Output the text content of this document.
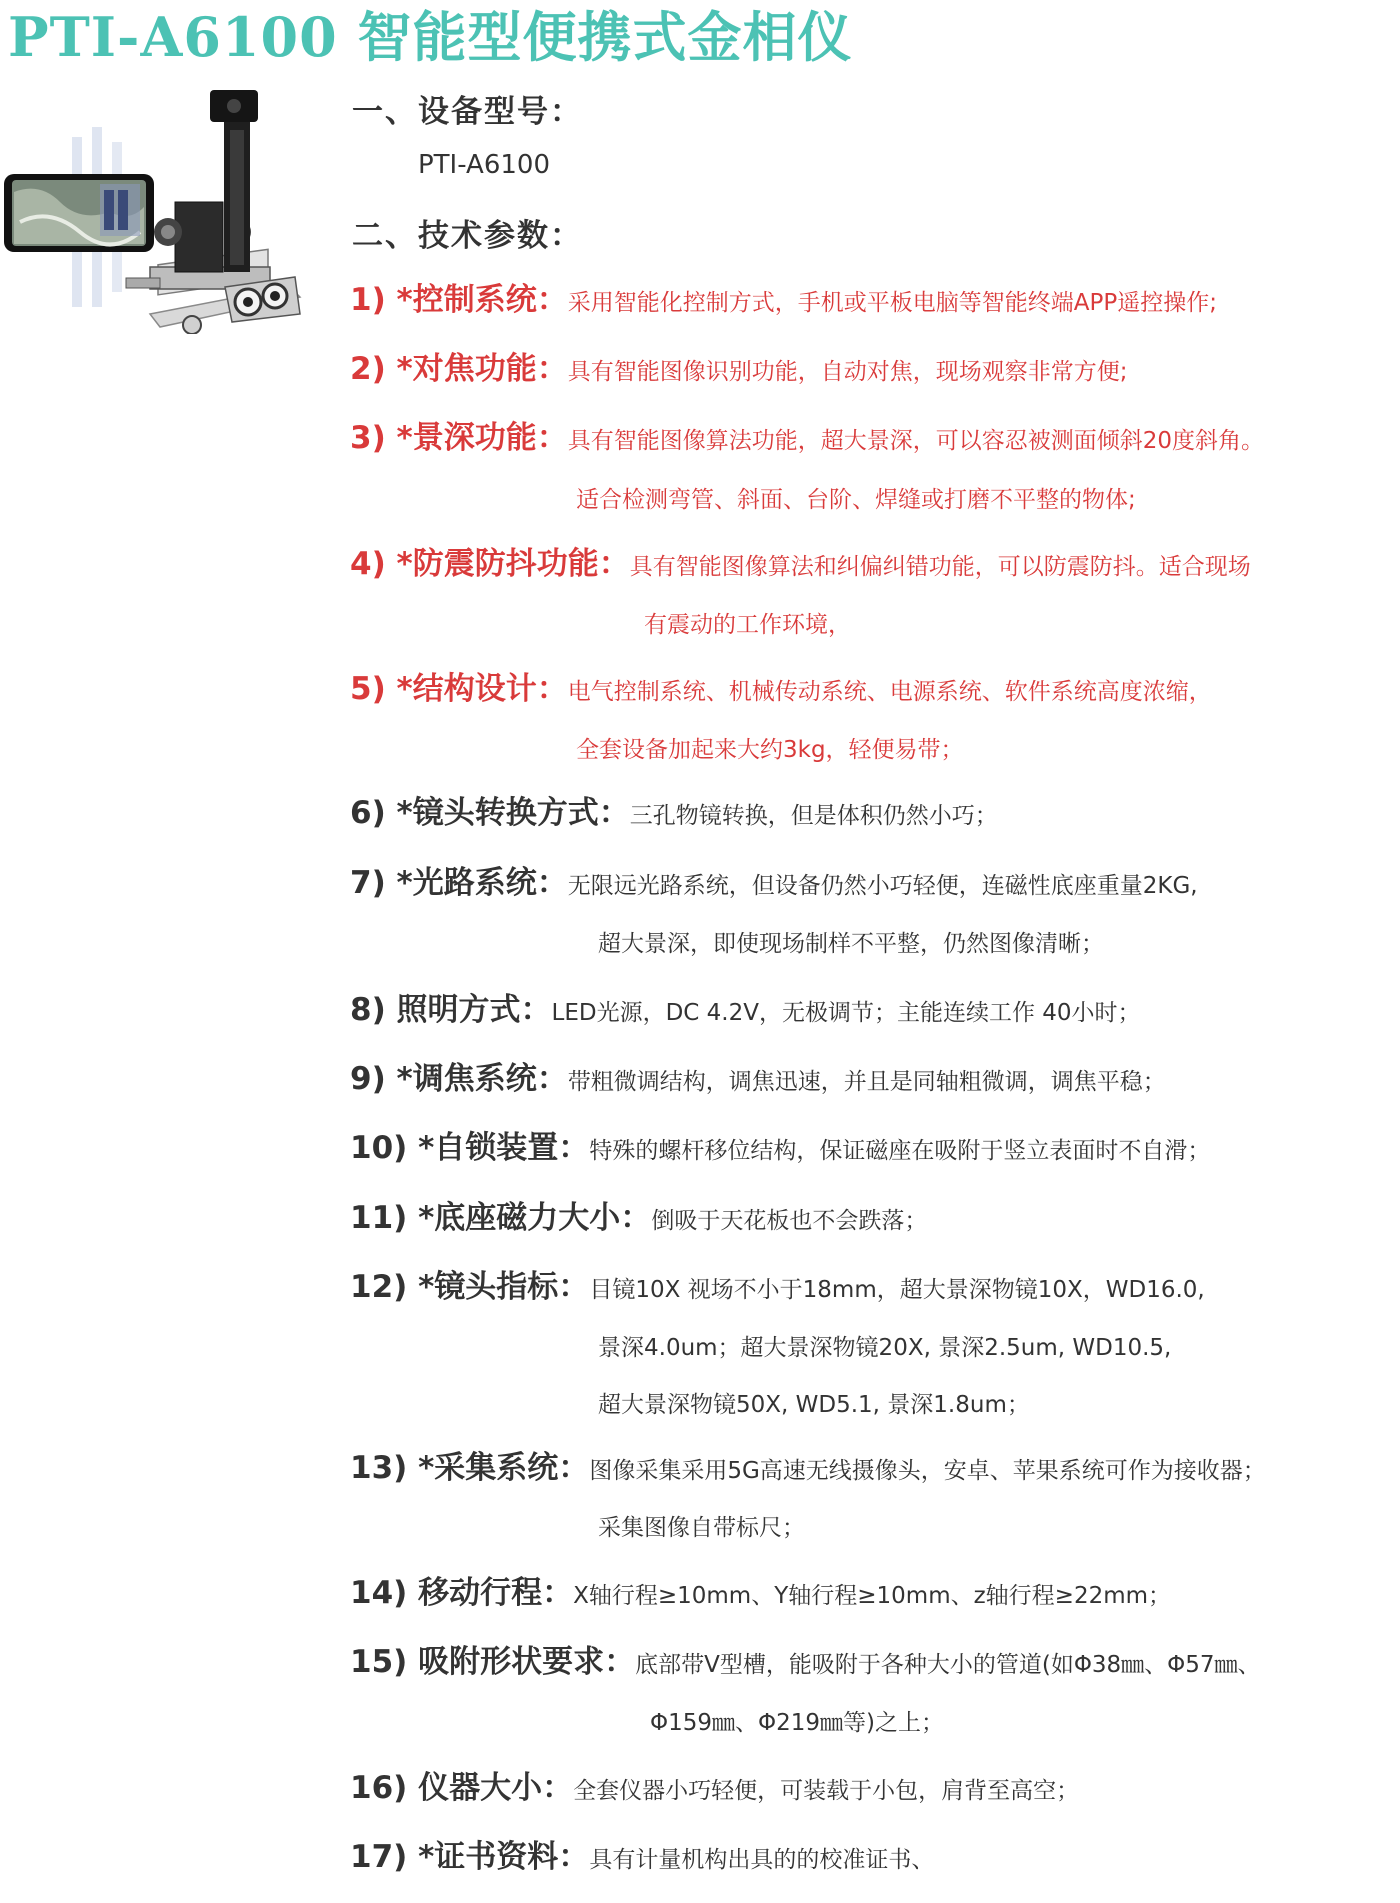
PTI-A6100 智能型便携式金相仪
一、设备型号：
PTI-A6100
二、技术参数：
1) *控制系统：采用智能化控制方式，手机或平板电脑等智能终端APP遥控操作;
2) *对焦功能：具有智能图像识别功能，自动对焦，现场观察非常方便;
3) *景深功能：具有智能图像算法功能，超大景深，可以容忍被测面倾斜20度斜角。
适合检测弯管、斜面、台阶、焊缝或打磨不平整的物体;
4) *防震防抖功能：具有智能图像算法和纠偏纠错功能，可以防震防抖。适合现场
有震动的工作环境，
5) *结构设计：电气控制系统、机械传动系统、电源系统、软件系统高度浓缩，
全套设备加起来大约3kg，轻便易带；
6) *镜头转换方式：三孔物镜转换，但是体积仍然小巧；
7) *光路系统：无限远光路系统，但设备仍然小巧轻便，连磁性底座重量2KG,
超大景深，即使现场制样不平整，仍然图像清晰；
8) 照明方式：LED光源，DC 4.2V，无极调节；主能连续工作 40小时；
9) *调焦系统：带粗微调结构，调焦迅速，并且是同轴粗微调，调焦平稳；
10) *自锁装置：特殊的螺杆移位结构，保证磁座在吸附于竖立表面时不自滑；
11) *底座磁力大小：倒吸于天花板也不会跌落；
12) *镜头指标：目镜10X 视场不小于18mm，超大景深物镜10X，WD16.0,
景深4.0um；超大景深物镜20X, 景深2.5um, WD10.5,
超大景深物镜50X, WD5.1, 景深1.8um；
13) *采集系统：图像采集采用5G高速无线摄像头，安卓、苹果系统可作为接收器；
采集图像自带标尺；
14) 移动行程：X轴行程≥10mm、Y轴行程≥10mm、z轴行程≥22mm；
15) 吸附形状要求：底部带V型槽，能吸附于各种大小的管道(如Φ38㎜、Φ57㎜、
Φ159㎜、Φ219㎜等)之上；
16) 仪器大小：全套仪器小巧轻便，可装载于小包，肩背至高空；
17) *证书资料：具有计量机构出具的的校准证书、
